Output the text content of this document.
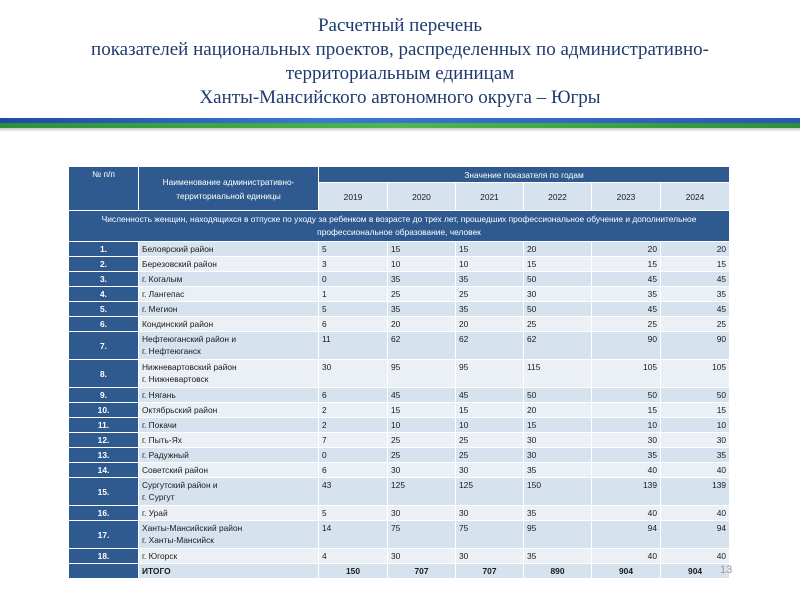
Расчетный перечень
показателей национальных проектов, распределенных по административно-
территориальным единицам
Ханты-Мансийского автономного округа – Югры
№ п/п	Наименование административно-территориальной единицы	Значение показателя по годам					
		2019	2020	2021	2022	2023	2024
Численность женщин, находящихся в отпуске по уходу за ребенком в возрасте до трех лет, прошедших профессиональное обучение и дополнительное профессиональное образование, человек							
1.	Белоярский район	5	15	15	20	20	20
2.	Березовский район	3	10	10	15	15	15
3.	г. Когалым	0	35	35	50	45	45
4.	г. Лангепас	1	25	25	30	35	35
5.	г. Мегион	5	35	35	50	45	45
6.	Кондинский район	6	20	20	25	25	25
7.	Нефтеюганский район и
г. Нефтеюганск	11	62	62	62	90	90
8.	Нижневартовский район
г. Нижневартовск	30	95	95	115	105	105
9.	г. Нягань	6	45	45	50	50	50
10.	Октябрьский район	2	15	15	20	15	15
11.	г. Покачи	2	10	10	15	10	10
12.	г. Пыть-Ях	7	25	25	30	30	30
13.	г. Радужный	0	25	25	30	35	35
14.	Советский район	6	30	30	35	40	40
15.	Сургутский район и
г. Сургут	43	125	125	150	139	139
16.	г. Урай	5	30	30	35	40	40
17.	Ханты-Мансийский район
г. Ханты-Мансийск	14	75	75	95	94	94
18.	г. Югорск	4	30	30	35	40	40
	ИТОГО	150	707	707	890	904	904 13
